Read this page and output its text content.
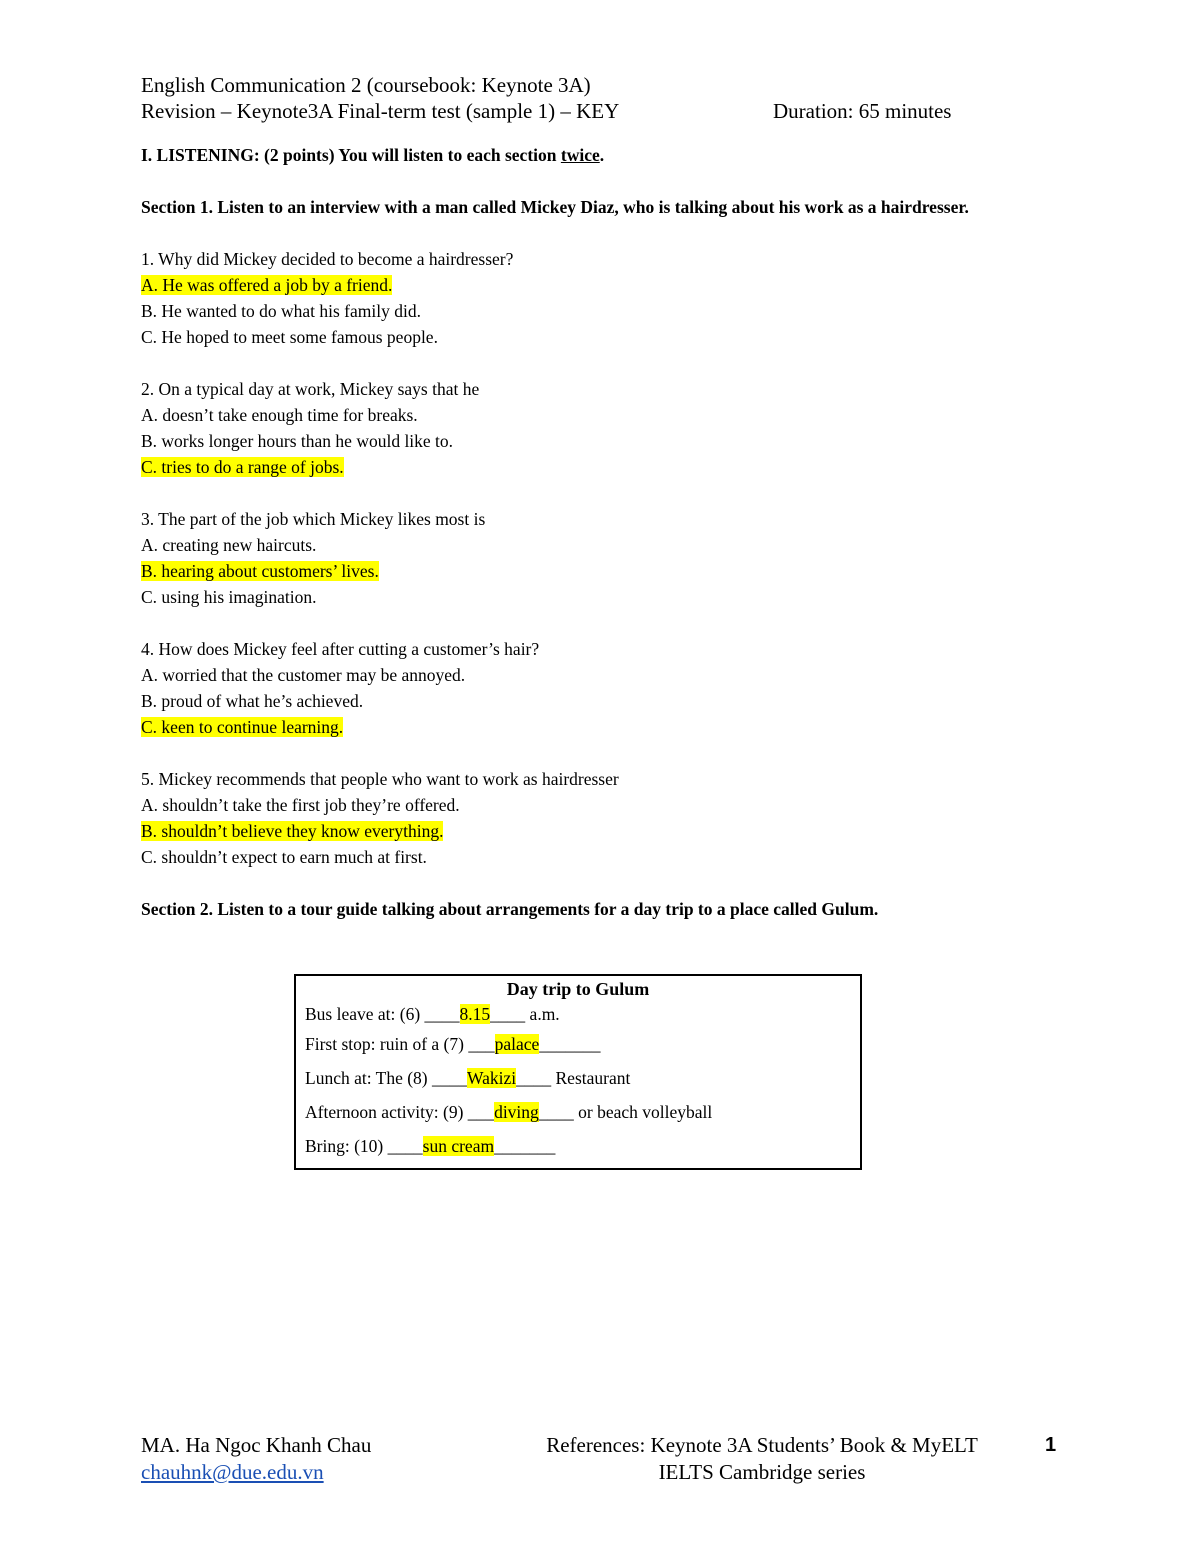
English Communication 2 (coursebook: Keynote 3A)
Revision – Keynote3A Final-term test (sample 1) – KEY	Duration: 65 minutes
I. LISTENING: (2 points) You will listen to each section twice.
Section 1. Listen to an interview with a man called Mickey Diaz, who is talking about his work as a hairdresser.
1. Why did Mickey decided to become a hairdresser?
A. He was offered a job by a friend.
B. He wanted to do what his family did.
C. He hoped to meet some famous people.
2. On a typical day at work, Mickey says that he
A. doesn’t take enough time for breaks.
B. works longer hours than he would like to.
C. tries to do a range of jobs.
3. The part of the job which Mickey likes most is
A. creating new haircuts.
B. hearing about customers’ lives.
C. using his imagination.
4. How does Mickey feel after cutting a customer’s hair?
A. worried that the customer may be annoyed.
B. proud of what he’s achieved.
C. keen to continue learning.
5. Mickey recommends that people who want to work as hairdresser
A. shouldn’t take the first job they’re offered.
B. shouldn’t believe they know everything.
C. shouldn’t expect to earn much at first.
Section 2. Listen to a tour guide talking about arrangements for a day trip to a place called Gulum.
Day trip to Gulum
Bus leave at: (6) ____8.15____ a.m.
First stop: ruin of a (7) ___palace_______
Lunch at: The (8) ____Wakizi____ Restaurant
Afternoon activity: (9) ___diving____ or beach volleyball
Bring: (10) ____sun cream_______
MA. Ha Ngoc Khanh Chau
chauhnk@due.edu.vn
References: Keynote 3A Students’ Book & MyELT
IELTS Cambridge series
1
